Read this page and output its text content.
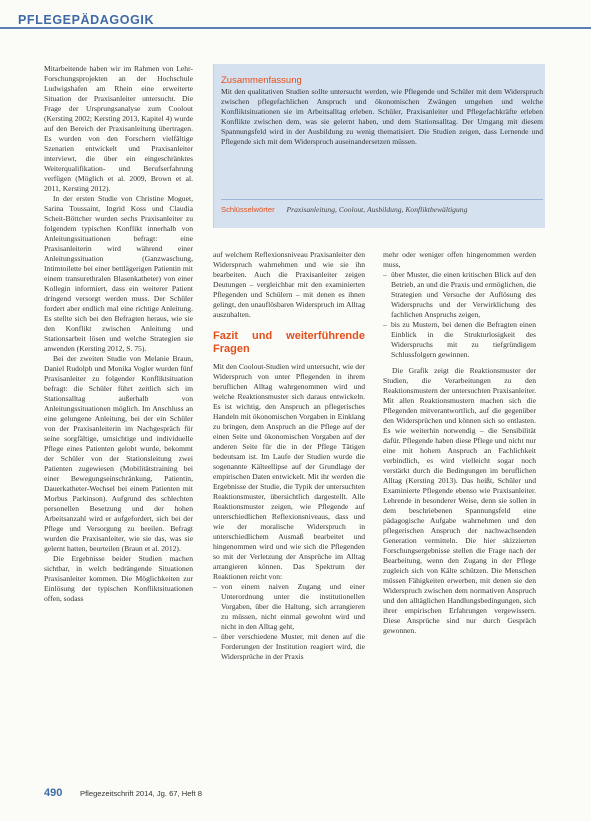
PFLEGEPÄDAGOGIK

Mitarbeitende haben wir im Rahmen von Lehr-Forschungsprojekten an der Hochschule Ludwigshafen am Rhein eine erweiterte Situation der Praxisanleiter untersucht. Die Frage der Ursprungsanalyse zum Coolout (Kersting 2002; Kersting 2013, Kapitel 4) wurde auf den Bereich der Praxisanleitung übertragen. Es wurden von den Forschern vielfältige Szenarien entwickelt und Praxisanleiter interviewt, die über ein eingeschränktes Weiterqualifikation- und Berufserfahrung verfügen (Möglich et al. 2009, Brown et al. 2011, Kersting 2012).

In der ersten Studie von Christine Moguet, Sarina Toussaint, Ingrid Koss und Claudia Scheit-Böttcher wurden sechs Praxisanleiter zu folgendem typischen Konflikt innerhalb von Anleitungssituationen befragt: eine Praxisanleiterin wird während einer Anleitungssituation (Ganzwaschung, Intimtoilette bei einer bettlägerigen Patientin mit einem transurethralen Blasenkatheter) von einer Kollegin informiert, dass ein weiterer Patient dringend versorgt werden muss. Der Schüler fordert aber endlich mal eine richtige Anleitung. Es stellte sich bei den Befragten heraus, wie sie den Konflikt zwischen Anleitung und Stationsarbeit lösen und welche Strategien sie anwenden (Kersting 2012, S. 75).

Bei der zweiten Studie von Melanie Braun, Daniel Rudolph und Monika Vogler wurden fünf Praxisanleiter zu folgender Konfliktsituation befragt: die Schüler führt zeitlich sich im Stationsalltag außerhalb von Anleitungssituationen möglich. Im Anschluss an eine gelungene Anleitung, bei der ein Schüler von der Praxisanleiterin im Nachgespräch für seine sorgfältige, umsichtige und individuelle Pflege eines Patienten gelobt wurde, bekommt der Schüler von der Stationsleitung zwei Patienten zugewiesen (Mobilitätstraining bei einer Bewegungseinschränkung, Patientin, Dauerkatheter-Wechsel bei einem Patienten mit Morbus Parkinson). Aufgrund des schlechten personellen Besetzung und der hohen Arbeitsanzahl wird er aufgefordert, sich bei der Pflege und Versorgung zu beeilen. Befragt wurden die Praxisanleiter, wie sie das, was sie gelernt hatten, beurteilen (Braun et al. 2012).

Die Ergebnisse beider Studien machen sichtbar, in welch bedrängende Situationen Praxisanleiter kommen. Die Möglichkeiten zur Einlösung der typischen Konfliktsituationen offen, sodass

Zusammenfassung
Mit den qualitativen Studien sollte untersucht werden, wie Pflegende und Schüler mit dem Widerspruch zwischen pflegefachlichen Anspruch und ökonomischen Zwängen umgehen und welche Konfliktsituationen sie im Arbeitsalltag erleben. Schüler, Praxisanleiter und Pflegefachkräfte erleben Konflikte zwischen dem, was sie gelernt haben, und dem Stationsalltag. Der Umgang mit diesem Spannungsfeld wird in der Ausbildung zu wenig thematisiert. Die Studien zeigen, dass Lernende und Pflegende sich mit dem Widerspruch auseinandersetzen müssen.
Schlüsselwörter Praxisanleitung, Coolout, Ausbildung, Konfliktbewältigung

auf welchem Reflexionsniveau Praxisanleiter den Widerspruch wahrnehmen und wie sie ihn bearbeiten. Auch die Praxisanleiter zeigen Deutungen – vergleichbar mit den examinierten Pflegenden und Schülern – mit denen es ihnen gelingt, den unauflösbaren Widerspruch im Alltag auszuhalten.

Fazit und weiterführende Fragen

Mit den Coolout-Studien wird untersucht, wie der Widerspruch von unter Pflegenden in ihrem beruflichen Alltag wahrgenommen wird und welche Reaktionsmuster sich daraus entwickeln. Es ist wichtig, den Anspruch an pflegerisches Handeln mit ökonomischen Vorgaben in Einklang zu bringen, dem Anspruch an die Pflege auf der einen Seite und ökonomischen Vorgaben auf der anderen Seite für die in der Pflege Tätigen bedeutsam ist. Im Laufe der Studien wurde die sogenannte Kälteellipse auf der Grundlage der empirischen Daten entwickelt. Mit ihr werden die Ergebnisse der Studie, die Typik der untersuchten Reaktionsmuster, übersichtlich dargestellt. Alle Reaktionsmuster zeigen, wie Pflegende auf unterschiedlichen Reflexionsniveaus, dass und wie der moralische Widerspruch in unterschiedlichem Ausmaß bearbeitet und hingenommen wird und wie sich die Pflegenden so mit der Verletzung der Ansprüche im Alltag arrangieren können. Das Spektrum der Reaktionen reicht von:

– von einem naiven Zugang und einer Unterordnung unter die institutionellen Vorgaben, über die Haltung, sich arrangieren zu müssen, nicht einmal gewohnt wird und nicht in den Alltag geht,
– über verschiedene Muster, mit denen auf die Forderungen der Institution reagiert wird, die Widersprüche in der Praxis

mehr oder weniger offen hingenommen werden muss,

– über Muster, die einen kritischen Blick auf den Betrieb, an und die Praxis und ermöglichen, die Strategien und Versuche der Auflösung des Widerspruchs und der Verwirklichung des fachlichen Anspruchs zeigen,
– bis zu Mustern, bei denen die Befragten einen Einblick in die Strukturlosigkeit des Widerspruchs mit zu tiefgründigem Schlussfolgern gewinnen.

Die Grafik zeigt die Reaktionsmuster der Studien, die Verarbeitungen zu den Reaktionsmustern der untersuchten Praxisanleiter. Mit allen Reaktionsmustern machen sich die Pflegenden mitverantwortlich, auf die gegenüber den Widersprüchen und können sich so entlasten. Es wie weiterhin notwendig – die Sensibilität dafür. Pflegende haben diese Pflege und nicht nur eine mit hohem Anspruch an Fachlichkeit verbindlich, es wird vielleicht sogar noch verstärkt durch die Bedingungen im beruflichen Alltag (Kersting 2013). Das heißt, Schüler und Examinierte Pflegende ebenso wie Praxisanleiter. Lehrende in besonderer Weise, denn sie sollen in dem beschriebenen Spannungsfeld eine pädagogische Aufgabe wahrnehmen und den pflegerischen Anspruch der nachwachsenden Generation vermitteln. Die hier skizzierten Forschungsergebnisse stellen die Frage nach der Bearbeitung, wenn den Zugang in der Pflege zugleich sich von Kälte schützen. Die Menschen müssen Fähigkeiten erwerben, mit denen sie den Widerspruch zwischen dem normativen Anspruch und den alltäglichen Handlungsbedingungen, sich ihrer empirischen Erfahrungen vergewissern. Diese Ansprüche sind nur durch Gespräch gewonnen.

490 Pflegezeitschrift 2014, Jg. 67, Heft 8
